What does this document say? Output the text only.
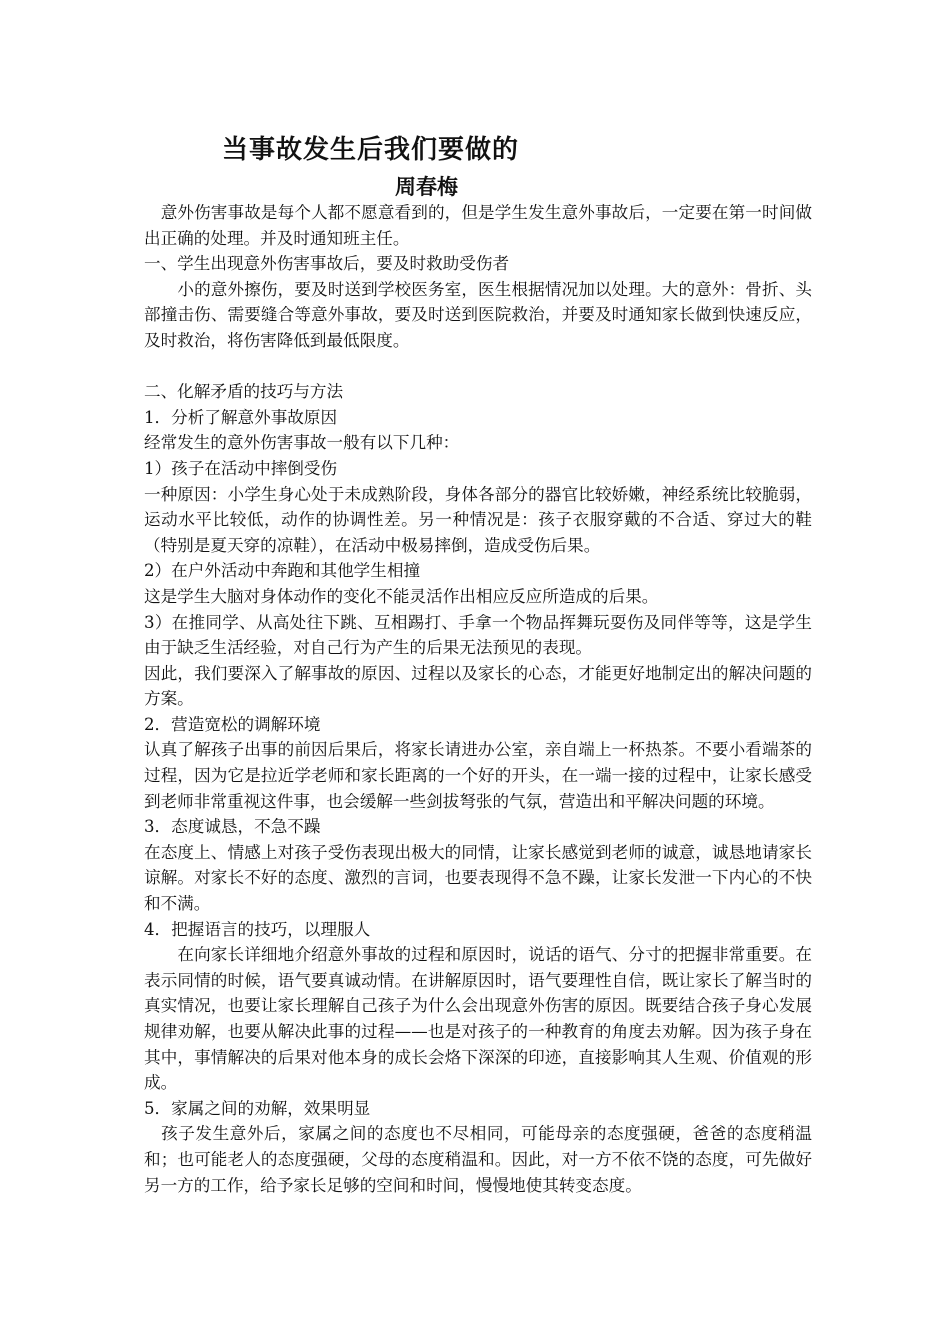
当事故发生后我们要做的
周春梅

　意外伤害事故是每个人都不愿意看到的，但是学生发生意外事故后，一定要在第一时间做出正确的处理。并及时通知班主任。

一、学生出现意外伤害事故后，要及时救助受伤者

　　小的意外擦伤，要及时送到学校医务室，医生根据情况加以处理。大的意外：骨折、头部撞击伤、需要缝合等意外事故，要及时送到医院救治，并要及时通知家长做到快速反应，及时救治，将伤害降低到最低限度。

二、化解矛盾的技巧与方法

1．分析了解意外事故原因

经常发生的意外伤害事故一般有以下几种：

1）孩子在活动中摔倒受伤

一种原因：小学生身心处于未成熟阶段，身体各部分的器官比较娇嫩，神经系统比较脆弱，运动水平比较低，动作的协调性差。另一种情况是：孩子衣服穿戴的不合适、穿过大的鞋（特别是夏天穿的凉鞋），在活动中极易摔倒，造成受伤后果。

2）在户外活动中奔跑和其他学生相撞

这是学生大脑对身体动作的变化不能灵活作出相应反应所造成的后果。

3）在推同学、从高处往下跳、互相踢打、手拿一个物品挥舞玩耍伤及同伴等等，这是学生由于缺乏生活经验，对自己行为产生的后果无法预见的表现。

因此，我们要深入了解事故的原因、过程以及家长的心态，才能更好地制定出的解决问题的方案。

2．营造宽松的调解环境

认真了解孩子出事的前因后果后，将家长请进办公室，亲自端上一杯热茶。不要小看端茶的过程，因为它是拉近学老师和家长距离的一个好的开头，在一端一接的过程中，让家长感受到老师非常重视这件事，也会缓解一些剑拔弩张的气氛，营造出和平解决问题的环境。

3．态度诚恳，不急不躁

在态度上、情感上对孩子受伤表现出极大的同情，让家长感觉到老师的诚意，诚恳地请家长谅解。对家长不好的态度、激烈的言词，也要表现得不急不躁，让家长发泄一下内心的不快和不满。

4．把握语言的技巧，以理服人

　　在向家长详细地介绍意外事故的过程和原因时，说话的语气、分寸的把握非常重要。在表示同情的时候，语气要真诚动情。在讲解原因时，语气要理性自信，既让家长了解当时的真实情况，也要让家长理解自己孩子为什么会出现意外伤害的原因。既要结合孩子身心发展规律劝解，也要从解决此事的过程——也是对孩子的一种教育的角度去劝解。因为孩子身在其中，事情解决的后果对他本身的成长会烙下深深的印迹，直接影响其人生观、价值观的形成。

5．家属之间的劝解，效果明显

　孩子发生意外后，家属之间的态度也不尽相同，可能母亲的态度强硬，爸爸的态度稍温和；也可能老人的态度强硬，父母的态度稍温和。因此，对一方不依不饶的态度，可先做好另一方的工作，给予家长足够的空间和时间，慢慢地使其转变态度。
